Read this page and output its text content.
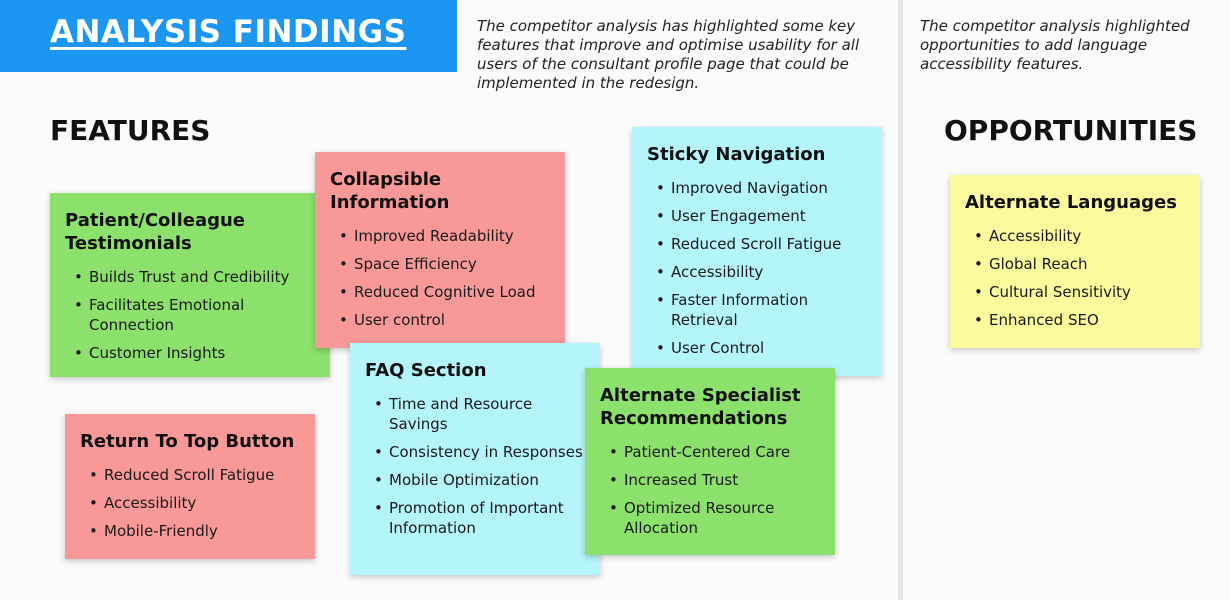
ANALYSIS FINDINGS	The competitor analysis has highlighted some key features that improve and optimise usability for all users of the consultant profile page that could be implemented in the redesign.
The competitor analysis highlighted opportunities to add language accessibility features.
FEATURES	OPPORTUNITIES
Patient/Colleague Testimonials
• Builds Trust and Credibility
• Facilitates Emotional Connection
• Customer Insights
Collapsible Information
• Improved Readability
• Space Efficiency
• Reduced Cognitive Load
• User control
Sticky Navigation
• Improved Navigation
• User Engagement
• Reduced Scroll Fatigue
• Accessibility
• Faster Information Retrieval
• User Control
Return To Top Button
• Reduced Scroll Fatigue
• Accessibility
• Mobile-Friendly
FAQ Section
• Time and Resource Savings
• Consistency in Responses
• Mobile Optimization
• Promotion of Important Information
Alternate Specialist Recommendations
• Patient-Centered Care
• Increased Trust
• Optimized Resource Allocation
Alternate Languages
• Accessibility
• Global Reach
• Cultural Sensitivity
• Enhanced SEO
